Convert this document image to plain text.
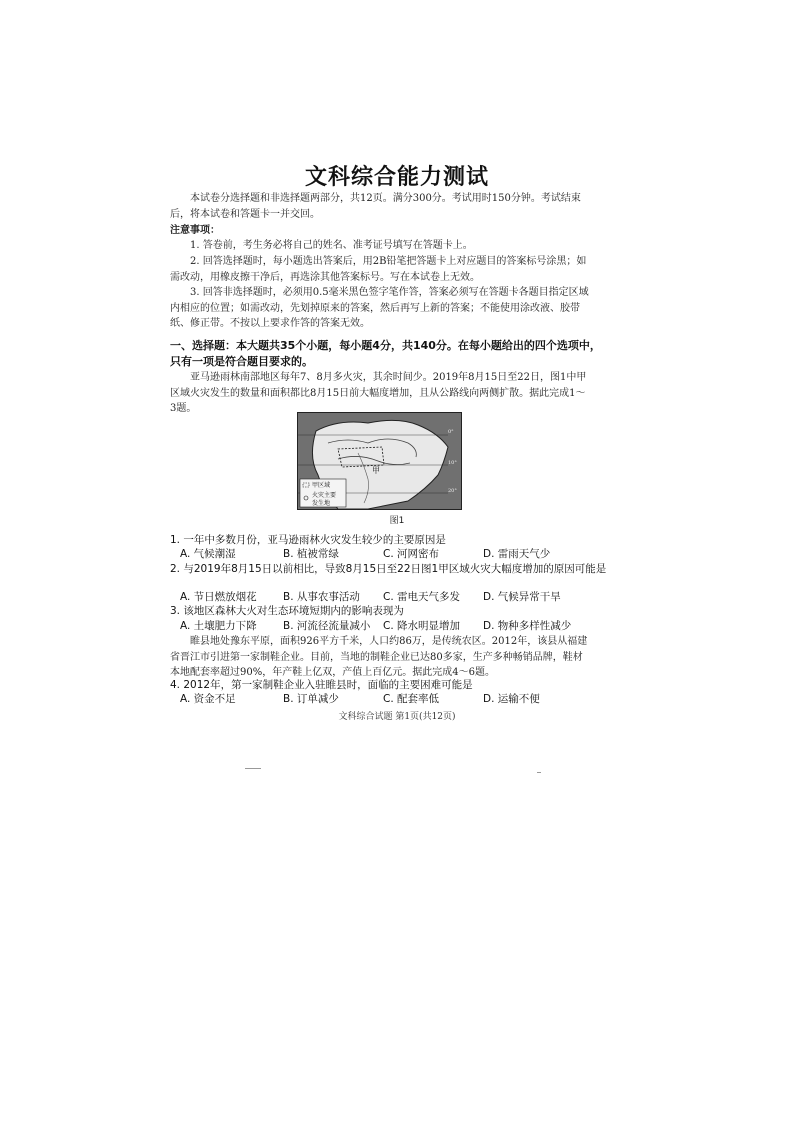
文科综合能力测试
本试卷分选择题和非选择题两部分，共12页。满分300分。考试用时150分钟。考试结束后，将本试卷和答题卡一并交回。
注意事项：
1. 答卷前，考生务必将自己的姓名、准考证号填写在答题卡上。
2. 回答选择题时，每小题选出答案后，用2B铅笔把答题卡上对应题目的答案标号涂黑；如需改动，用橡皮擦干净后，再选涂其他答案标号。写在本试卷上无效。
3. 回答非选择题时，必须用0.5毫米黑色签字笔作答，答案必须写在答题卡各题目指定区域内相应的位置；如需改动，先划掉原来的答案，然后再写上新的答案；不能使用涂改液、胶带纸、修正带。不按以上要求作答的答案无效。
一、选择题：本大题共35个小题，每小题4分，共140分。在每小题给出的四个选项中，只有一项是符合题目要求的。
亚马逊雨林南部地区每年7、8月多火灾，其余时间少。2019年8月15日至22日，图1中甲区域火灾发生的数量和面积都比8月15日前大幅度增加，且从公路线向两侧扩散。据此完成1～3题。
甲
0°
10°
20°
甲区域
火灾主要
发生地
图1
1. 一年中多数月份，亚马逊雨林火灾发生较少的主要原因是
A. 气候潮湿	B. 植被常绿	C. 河网密布	D. 雷雨天气少
2. 与2019年8月15日以前相比，导致8月15日至22日图1甲区域火灾大幅度增加的原因可能是
A. 节日燃放烟花	B. 从事农事活动 C. 雷电天气多发 D. 气候异常干旱
3. 该地区森林大火对生态环境短期内的影响表现为
A. 土壤肥力下降	B. 河流径流量减小 C. 降水明显增加 D. 物种多样性减少
睢县地处豫东平原，面积926平方千米，人口约86万，是传统农区。2012年，该县从福建省晋江市引进第一家制鞋企业。目前，当地的制鞋企业已达80多家，生产多种畅销品牌，鞋材本地配套率超过90%，年产鞋上亿双，产值上百亿元。据此完成4～6题。
4. 2012年，第一家制鞋企业入驻睢县时，面临的主要困难可能是
A. 资金不足	B. 订单减少	C. 配套率低	D. 运输不便
文科综合试题 第1页(共12页)
